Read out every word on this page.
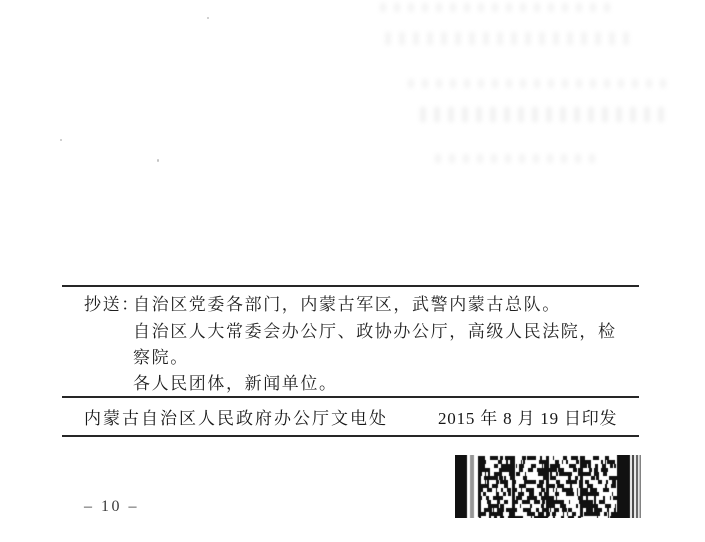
抄送：
自治区党委各部门，内蒙古军区，武警内蒙古总队。
自治区人大常委会办公厅、政协办公厅，高级人民法院，检
察院。
各人民团体，新闻单位。
内蒙古自治区人民政府办公厅文电处	2015 年 8 月 19 日印发
– 10 –
